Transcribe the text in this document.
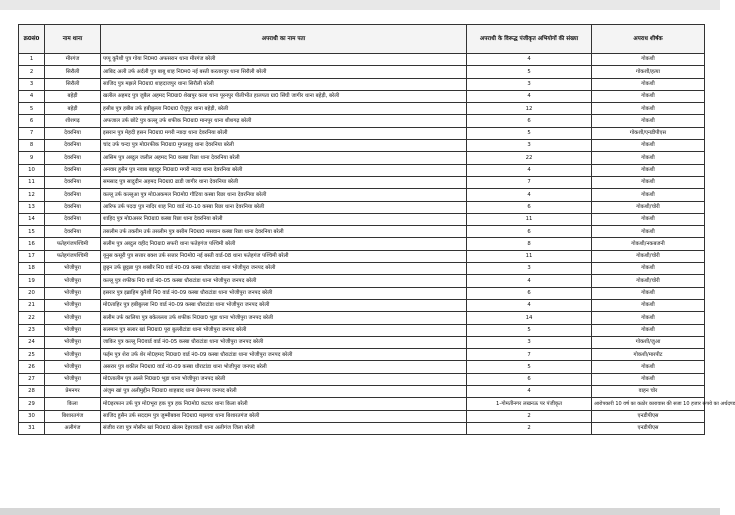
क्र0सं0	नाम थाना	अपराधी का नाम पता	अपराधी के विरूद्ध पंजीकृत अभियोगों की संख्या	अपराध शीर्षक
1	मीरगंज	पप्पू कुरैशी पुत्र गोया नि0म0 अफसरान थाना मीरगंज बरेली	4	गोकशी
2	सिरौली	आबिद अली उर्फ अर्दली पुत्र बाबू शाह नि0म0 नई बस्ती करतारपुर थाना सिरौली बरेली	5	गोकशी/हत्या
3	सिरौली	साजिद पुत्र मझले नि0ग्रा0 शाहदाजपुर थाना सिरौली बरेली	3	गोकशी
4	बहेड़ी	खलील अहमद पुत्र जुबैल अहमद नि0ग्रा0 शेखपुर कला थाना पूरनपुर पीलीभीत हालपता ग्रा0 सिंघी जागीर थाना बहेड़ी, बरेली	4	गोकशी
5	बहेड़ी	हसीब पुत्र हबीब उर्फ हबीबुल्ला नि0ग्रा0 ऐंजुपुर थाना बहेड़ी, बरेली	12	गोकशी
6	शीशगढ़	अफजाल उर्फ छोटे पुत्र कल्लू उर्फ शफीक नि0ग्रा0 मानपुर थाना शीशगढ़ बरेली	6	गोकशी
7	देवरनिया	इसरान पुत्र मेहदी हसन नि0ग्रा0 मगरी न्यादा थाना देवरनिया बरेली	5	गोकशी/एनडीपीएस
8	देवरनिया	चांद उर्फ चन्दा पुत्र मो0रफीक नि0ग्रा0 मुगलहट्ट थाना देवरनिया बरेली	3	गोकशी
9	देवरनिया	आसिम पुत्र अब्दुल जलील अहमद नि0 कस्बा रिछा थाना देवरनिया बरेली	22	गोकशी
10	देवरनिया	अनवार हुसैन पुत्र नवाब बहादुर नि0ग्रा0 मगरी न्यादा थाना देवरनिया बरेली	4	गोकशी
11	देवरनिया	समसाद पुत्र सादुदीन अहमद नि0ग्रा0 ढाडी जागीर थाना देवरनिया बरेली	7	गोकशी
12	देवरनिया	कल्लू उर्फ कल्लुआ पुत्र मो0अकमल नि0मो0 गौटिया कस्बा रिछा थाना देवरनिया बरेली	4	गोकशी
13	देवरनिया	आरिफ उर्फ पददा पुत्र नादिर शाह नि0 वार्ड नं0-10 कस्बा रिछा थाना देवरनिया बरेली	6	गोकशी/चोरी
14	देवरनिया	शाहिद पुत्र मो0असर नि0ग्रा0 कस्बा रिछा थाना देवरनिया बरेली	11	गोकशी
15	देवरनिया	तसलीम उर्फ तकरीम उर्फ तसलीम पुत्र बसीम नि0ग्रा0 मसवान कस्बा रिछा थाना देवरनिया बरेली	6	गोकशी
16	फतेहगंजपश्चिमी	सलीम पुत्र अब्दुल वहीद नि0ग्रा0 सफरी थाना फतेहगंज पश्चिमी बरेली	8	गोकशी/नकबजनी
17	फतेहगंजपश्चिमी	यूनुस कसूरी पुत्र सत्तार बक्श उर्फ सत्तार नि0मो0 नई बस्ती वार्ड-08 थाना फतेहगंज पश्चिमी बरेली	11	गोकशी/चोरी
18	भोजीपुरा	छुट्टन उर्फ छुट्टन्ना पुत्र शब्बीर नि0 वार्ड नं0-09 कस्बा धौराटांडा थाना भोजीपुरा जनपद बरेली	3	गोकशी
19	भोजीपुरा	कल्लू पुत्र शफीक नि0 वार्ड नं0-05 कस्बा धौराटांडा थाना भोजीपुरा जनपद बरेली	4	गोकशी/चोरी
20	भोजीपुरा	इसरार पुत्र इब्राहिम कुरैशी नि0 वार्ड नं0-09 कस्बा धौराटांडा थाना भोजीपुरा जनपद बरेली	6	गोकशी
21	भोजीपुरा	मो0ताहिर पुत्र हबीबुल्ला नि0 वार्ड नं0-09 कस्बा धौराटांडा थाना भोजीपुरा जनपद बरेली	4	गोकशी
22	भोजीपुरा	सलीम उर्फ कालिया पुत्र बकेलल्ला उर्फ शफीक नि0ग्रा0 भूड़ा थाना भोजीपुरा जनपद बरेली	14	गोकशी
23	भोजीपुरा	सलमान पुत्र सलार खां नि0ग्रा0 पूरा बुल्लीटांडा थाना भोजीपुरा जनपद बरेली	5	गोकशी
24	भोजीपुरा	जाकिर पुत्र कल्लू नि0वार्ड वार्ड नं0-05 कस्बा धौराटांडा थाना भोजीपुरा जनपद बरेली	3	गोकशी/जुआ
25	भोजीपुरा	फईम पुत्र शेरा उर्फ शेर मो0हमद नि0ग्रा0 वार्ड नं0-09 कस्बा धौराटांडा थाना भोजीपुरा जनपद बरेली	7	गोकशी/मारपीट
26	भोजीपुरा	असरार पुत्र शकील नि0ग्रा0 वार्ड नं0-09 कस्बा धौराटांडा थाना भोजीपुरा जनपद बरेली	5	गोकशी
27	भोजीपुरा	मो0तालीम पुत्र अल्ले नि0ग्रा0 भूड़ा थाना भोजीपुरा जनपद बरेली	6	गोकशी
28	प्रेमनगर	अंजुम खां पुत्र अलीमुद्दीन नि0ग्रा0 शाहबाद थाना प्रेमनगर जनपद बरेली	4	वाहन चोर
29	किला	मो0इरफान उर्फ पुत्र मो0भूरा हक पुत्र हक नि0मो0 कटघर थाना किला बरेली	1-गोमतीनगर लखनऊ पर पंजीकृत	आरोपकारी 10 वर्ष का कठोर कारावास की सजा 10 हजार रूपये का अर्थदण्ड
30	बिशारतगंज	साजिद हुसैन उर्फ सददाम पुत्र जुम्मीबक्श नि0ग्रा0 मझगवा थाना बिशारतगंज बरेली	2	एनडीपीएस
31	अलीगंज	संजीव रजा पुत्र मोसीन खां नि0ग्रा0 खेलम देहरावाती थाना अलीगंज जिला बरेली	2	एनडीपीएस
